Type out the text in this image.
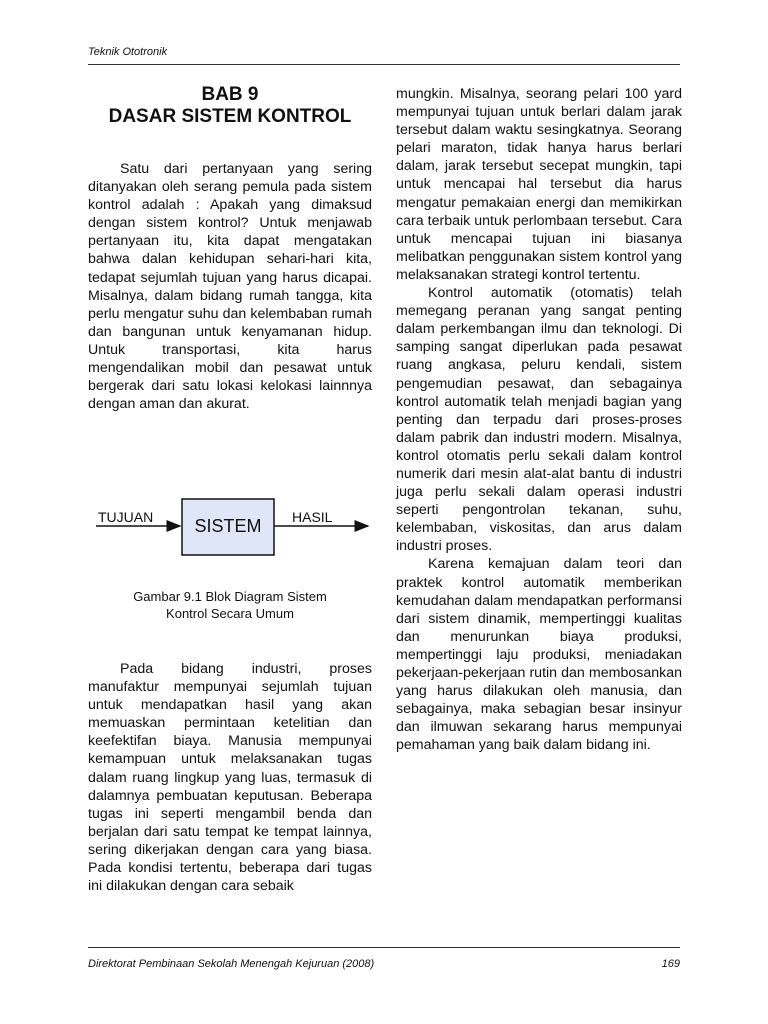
Teknik Ototronik
BAB 9
DASAR SISTEM KONTROL

Satu dari pertanyaan yang sering ditanyakan oleh serang pemula pada sistem kontrol adalah : Apakah yang dimaksud dengan sistem kontrol? Untuk menjawab pertanyaan itu, kita dapat mengatakan bahwa dalan kehidupan sehari-hari kita, tedapat sejumlah tujuan yang harus dicapai. Misalnya, dalam bidang rumah tangga, kita perlu mengatur suhu dan kelembaban rumah dan bangunan untuk kenyamanan hidup. Untuk transportasi, kita harus mengendalikan mobil dan pesawat untuk bergerak dari satu lokasi kelokasi lainnnya dengan aman dan akurat.

TUJUAN SISTEM HASIL
Gambar 9.1 Blok Diagram Sistem
Kontrol Secara Umum

Pada bidang industri, proses manufaktur mempunyai sejumlah tujuan untuk mendapatkan hasil yang akan memuaskan permintaan ketelitian dan keefektifan biaya. Manusia mempunyai kemampuan untuk melaksanakan tugas dalam ruang lingkup yang luas, termasuk di dalamnya pembuatan keputusan. Beberapa tugas ini seperti mengambil benda dan berjalan dari satu tempat ke tempat lainnya, sering dikerjakan dengan cara yang biasa. Pada kondisi tertentu, beberapa dari tugas ini dilakukan dengan cara sebaik

mungkin. Misalnya, seorang pelari 100 yard mempunyai tujuan untuk berlari dalam jarak tersebut dalam waktu sesingkatnya. Seorang pelari maraton, tidak hanya harus berlari dalam, jarak tersebut secepat mungkin, tapi untuk mencapai hal tersebut dia harus mengatur pemakaian energi dan memikirkan cara terbaik untuk perlombaan tersebut. Cara untuk mencapai tujuan ini biasanya melibatkan penggunakan sistem kontrol yang melaksanakan strategi kontrol tertentu.

Kontrol automatik (otomatis) telah memegang peranan yang sangat penting dalam perkembangan ilmu dan teknologi. Di samping sangat diperlukan pada pesawat ruang angkasa, peluru kendali, sistem pengemudian pesawat, dan sebagainya kontrol automatik telah menjadi bagian yang penting dan terpadu dari proses-proses dalam pabrik dan industri modern. Misalnya, kontrol otomatis perlu sekali dalam kontrol numerik dari mesin alat-alat bantu di industri juga perlu sekali dalam operasi industri seperti pengontrolan tekanan, suhu, kelembaban, viskositas, dan arus dalam industri proses.

Karena kemajuan dalam teori dan praktek kontrol automatik memberikan kemudahan dalam mendapatkan performansi dari sistem dinamik, mempertinggi kualitas dan menurunkan biaya produksi, mempertinggi laju produksi, meniadakan pekerjaan-pekerjaan rutin dan membosankan yang harus dilakukan oleh manusia, dan sebagainya, maka sebagian besar insinyur dan ilmuwan sekarang harus mempunyai pemahaman yang baik dalam bidang ini.

Direktorat Pembinaan Sekolah Menengah Kejuruan (2008)	169
